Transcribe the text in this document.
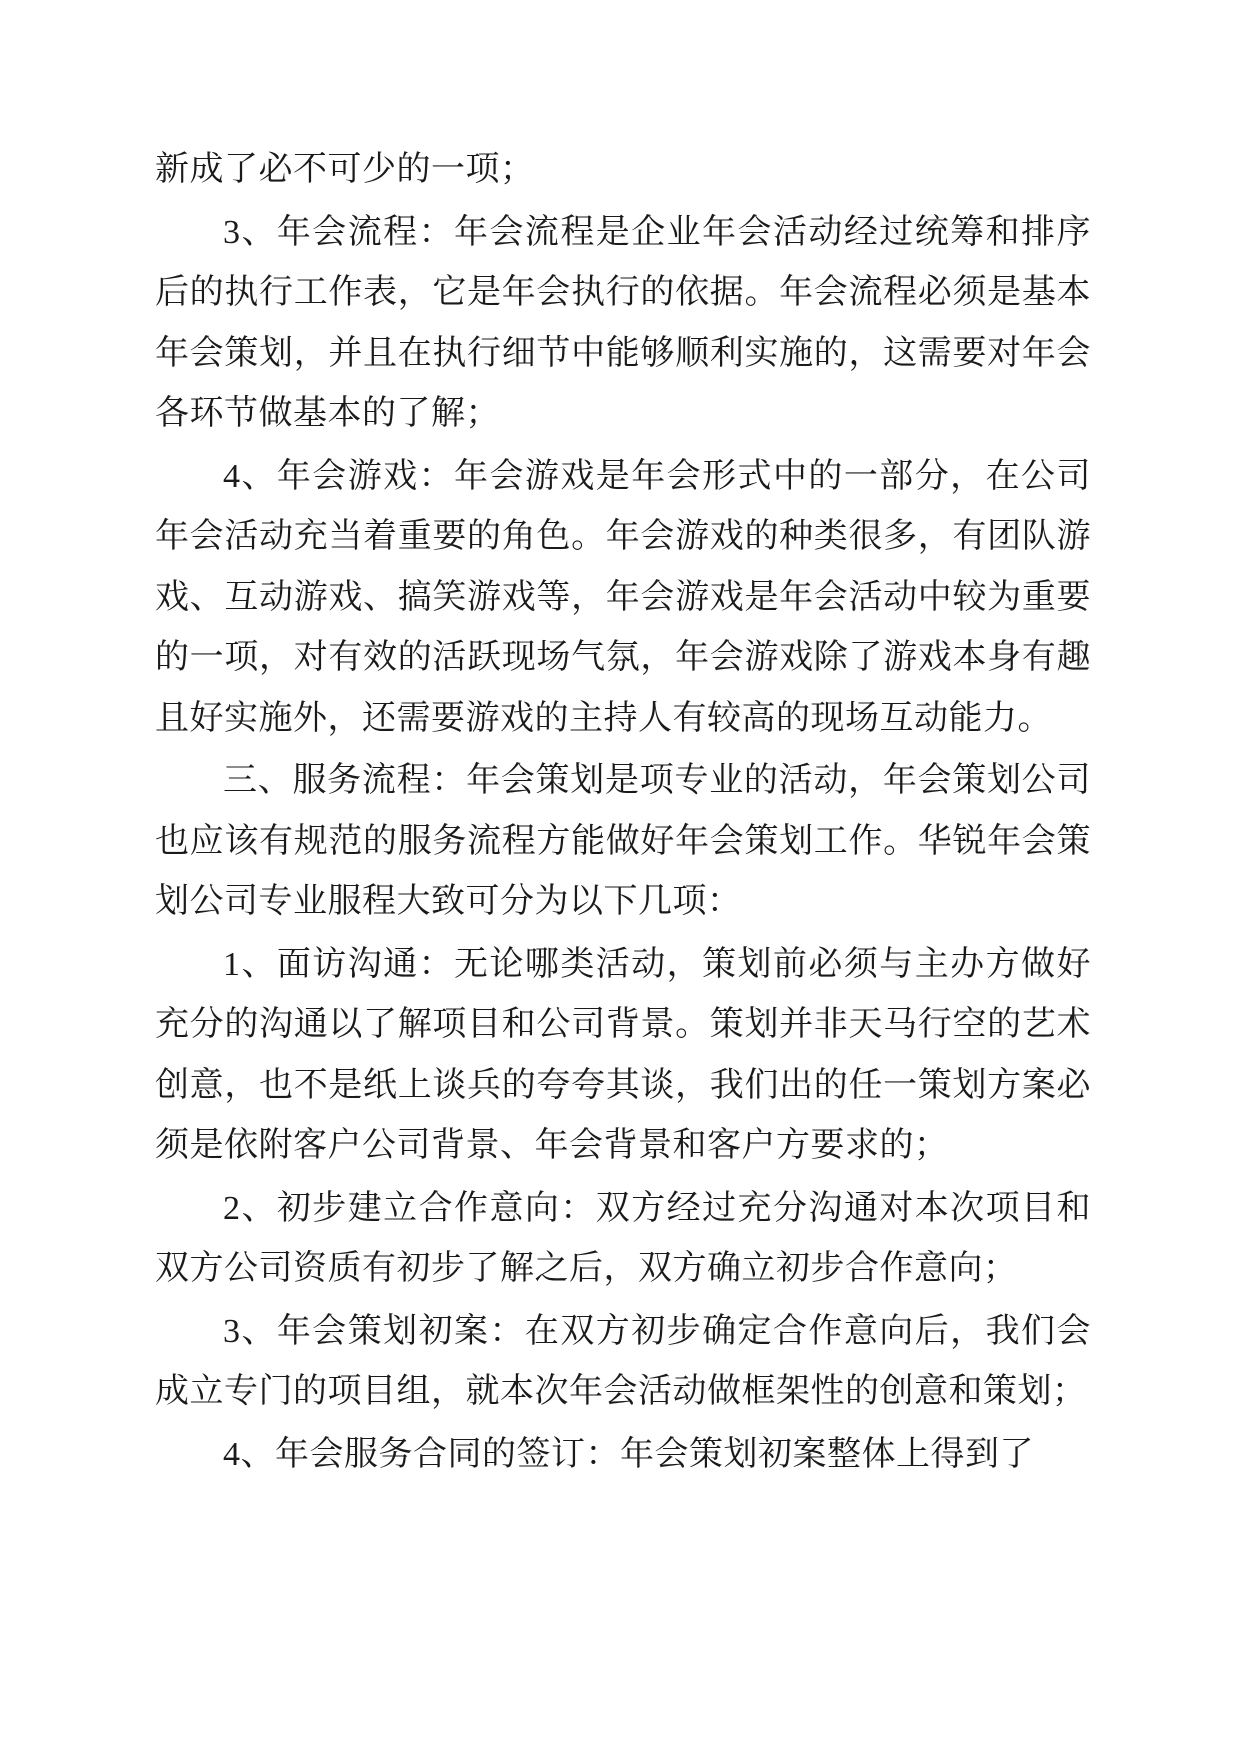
新成了必不可少的一项；

3、年会流程：年会流程是企业年会活动经过统筹和排序后的执行工作表，它是年会执行的依据。年会流程必须是基本年会策划，并且在执行细节中能够顺利实施的，这需要对年会各环节做基本的了解；

4、年会游戏：年会游戏是年会形式中的一部分，在公司年会活动充当着重要的角色。年会游戏的种类很多，有团队游戏、互动游戏、搞笑游戏等，年会游戏是年会活动中较为重要的一项，对有效的活跃现场气氛，年会游戏除了游戏本身有趣且好实施外，还需要游戏的主持人有较高的现场互动能力。

三、服务流程：年会策划是项专业的活动，年会策划公司也应该有规范的服务流程方能做好年会策划工作。华锐年会策划公司专业服程大致可分为以下几项：

1、面访沟通：无论哪类活动，策划前必须与主办方做好充分的沟通以了解项目和公司背景。策划并非天马行空的艺术创意，也不是纸上谈兵的夸夸其谈，我们出的任一策划方案必须是依附客户公司背景、年会背景和客户方要求的；

2、初步建立合作意向：双方经过充分沟通对本次项目和双方公司资质有初步了解之后，双方确立初步合作意向；

3、年会策划初案：在双方初步确定合作意向后，我们会成立专门的项目组，就本次年会活动做框架性的创意和策划；

4、年会服务合同的签订：年会策划初案整体上得到了
